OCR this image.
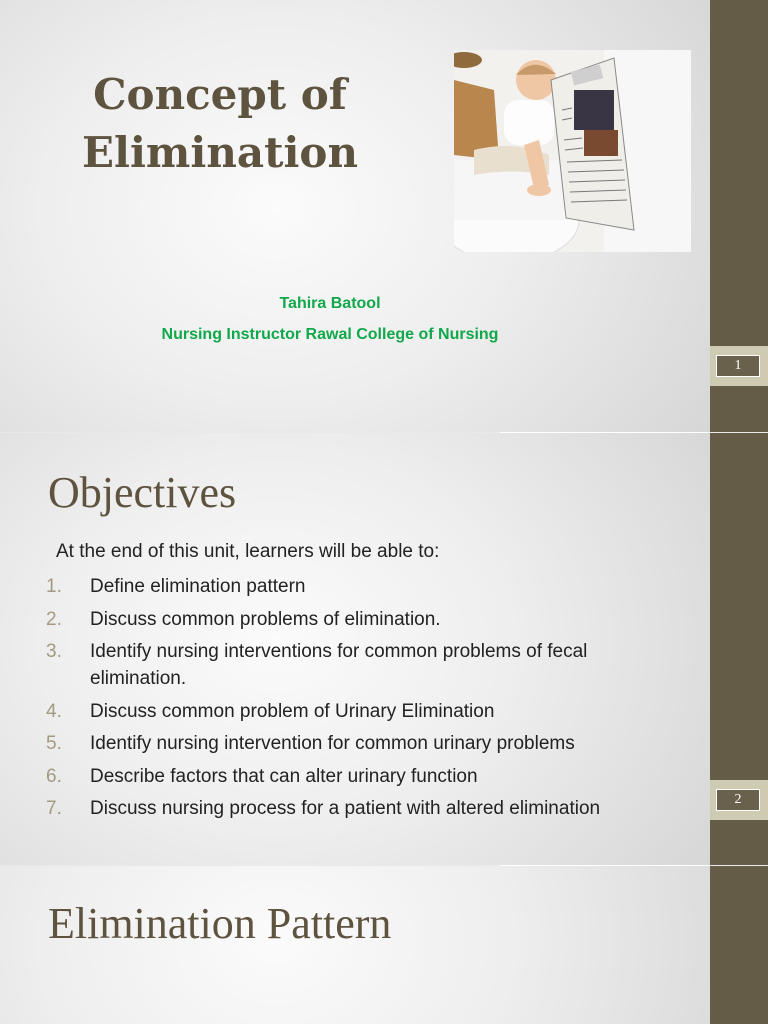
Concept of Elimination
Tahira Batool
Nursing Instructor Rawal College of Nursing
1
Objectives
At the end of this unit, learners will be able to:
1. Define elimination pattern
2. Discuss common problems of elimination.
3. Identify nursing interventions for common problems of fecal elimination.
4. Discuss common problem of Urinary Elimination
5. Identify nursing intervention for common urinary problems
6. Describe factors that can alter urinary function
7. Discuss nursing process for a patient with altered elimination	2
Elimination Pattern
